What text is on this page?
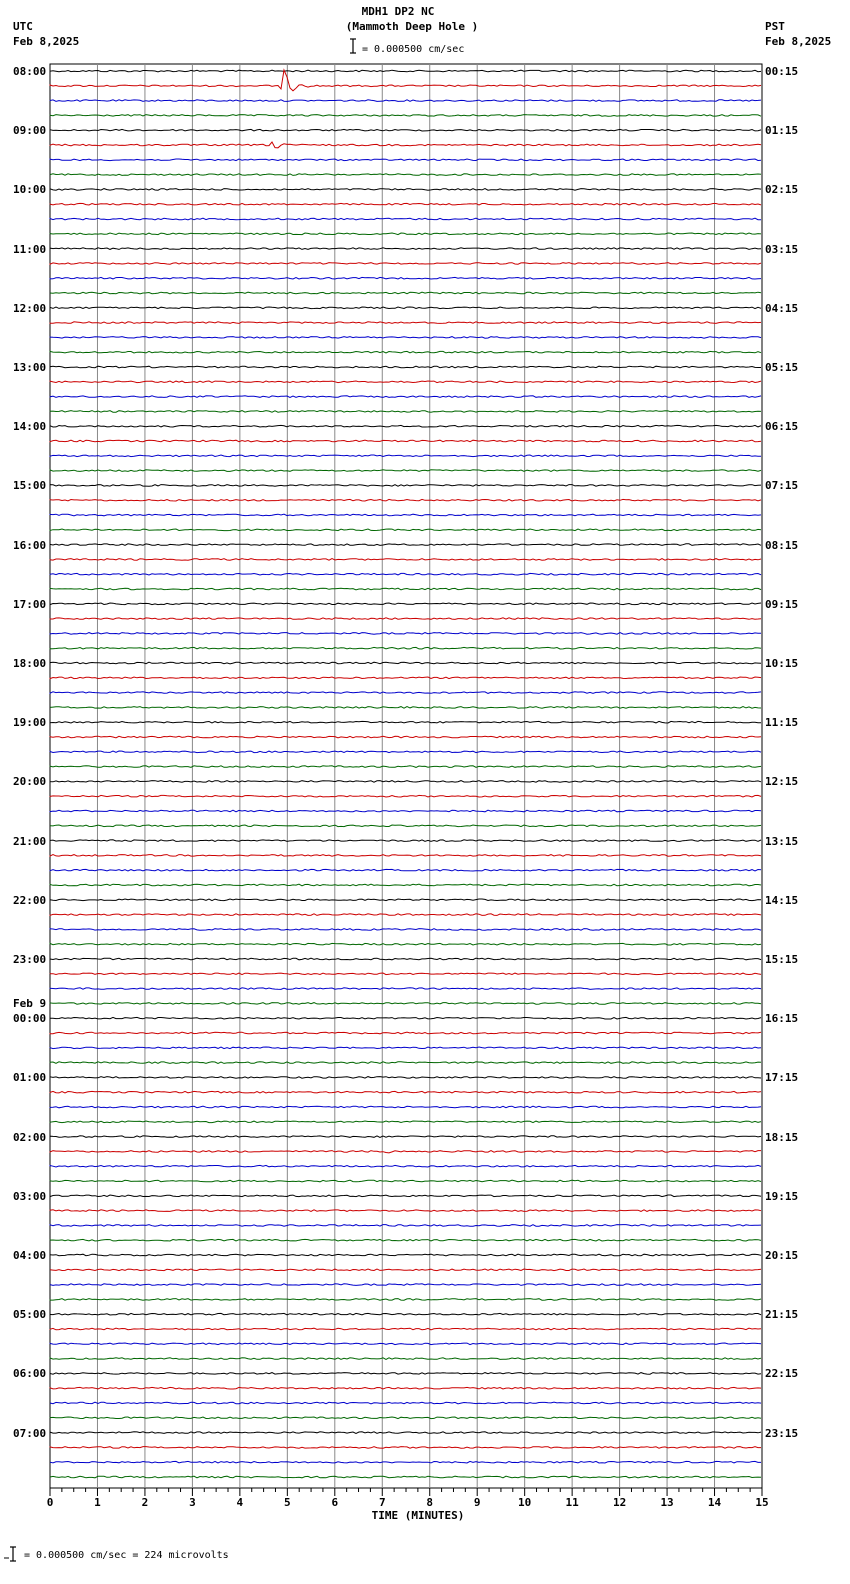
0	1	2	3	4	5	6	7	8	9	10	11	12	13	14	15
MDH1 DP2 NC
(Mammoth Deep Hole )
= 0.000500 cm/sec
UTC
Feb 8,2025
PST
Feb 8,2025
TIME (MINUTES)
= 0.000500 cm/sec = 224 microvolts
08:00	00:15
09:00	01:15
10:00	02:15
11:00	03:15
12:00	04:15
13:00	05:15
14:00	06:15
15:00	07:15
16:00	08:15
17:00	09:15
18:00	10:15
19:00	11:15
20:00	12:15
21:00	13:15
22:00	14:15
23:00	15:15
00:00	16:15
Feb 9
01:00	17:15
02:00	18:15
03:00	19:15
04:00	20:15
05:00	21:15
06:00	22:15
07:00	23:15
